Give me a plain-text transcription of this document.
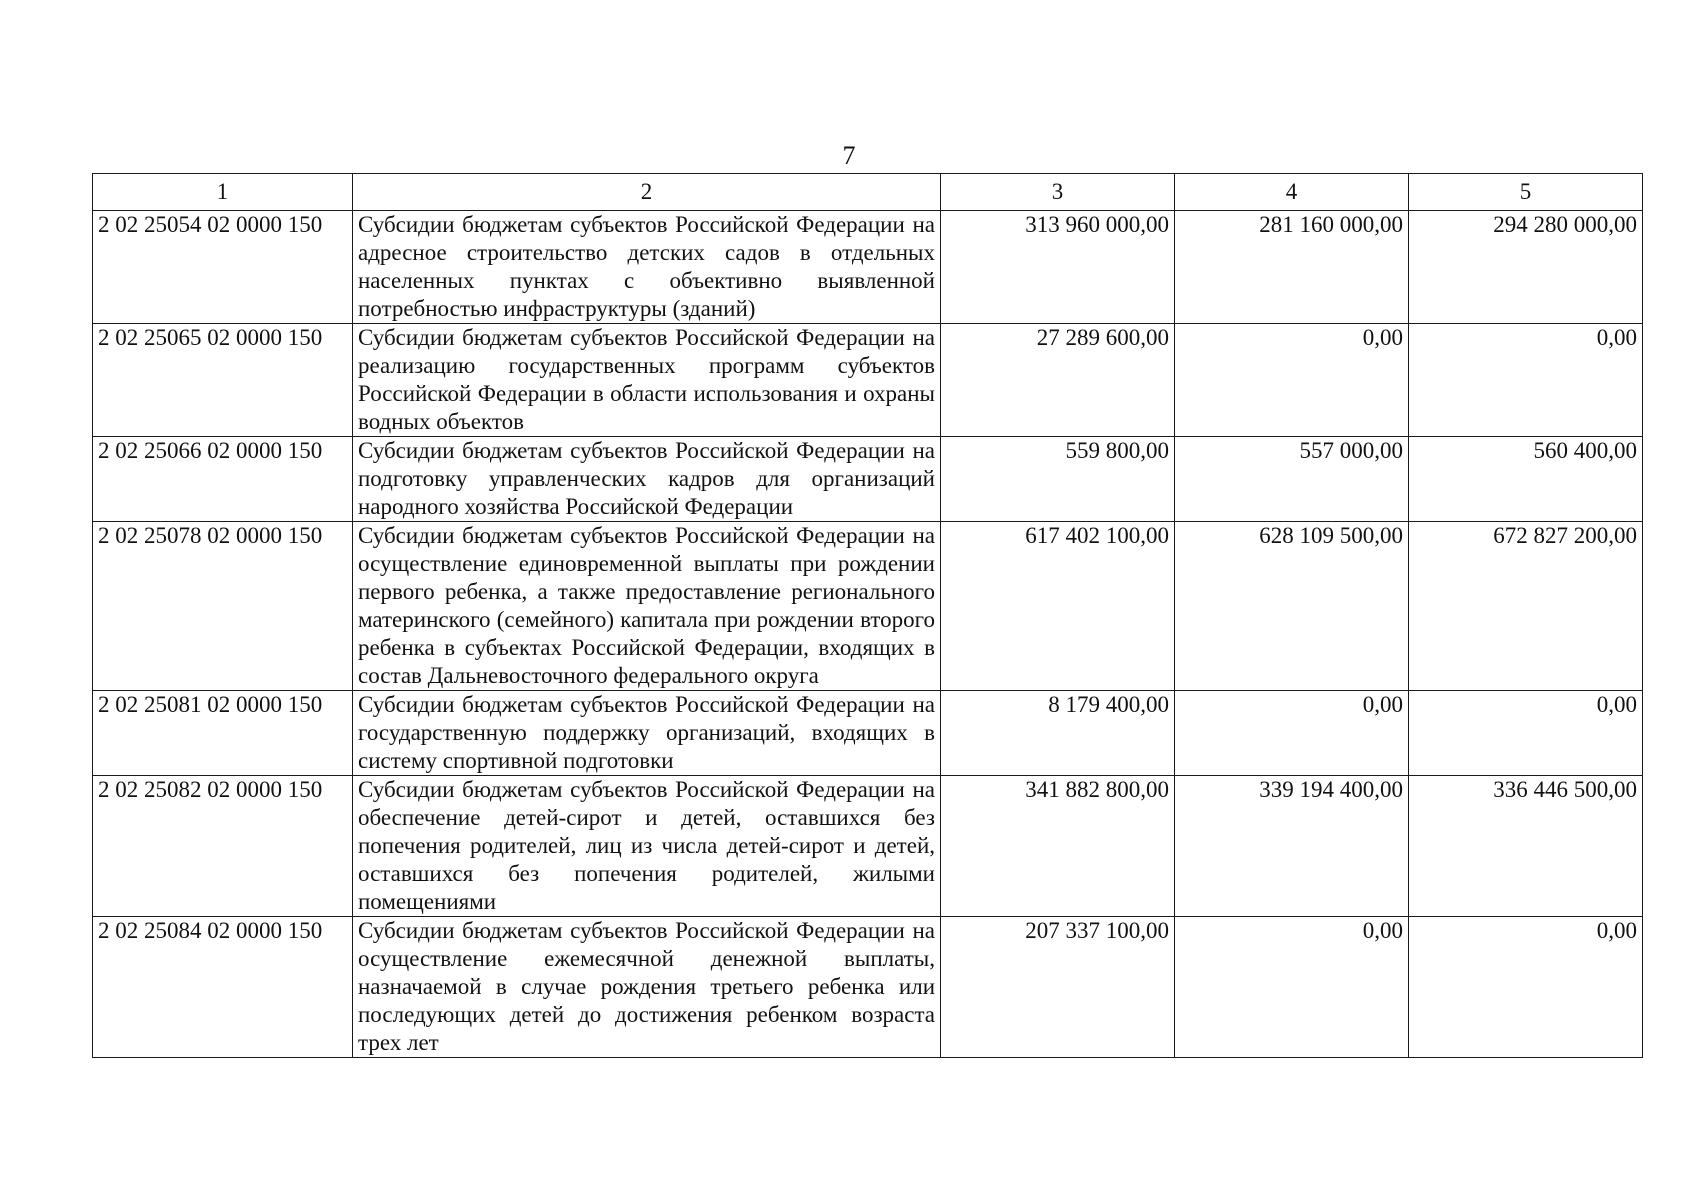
7
1	2	3	4	5
2 02 25054 02 0000 150	Субсидии бюджетам субъектов Российской Федерации на адресное строительство детских садов в отдельных населенных пунктах с объективно выявленной потребностью инфраструктуры (зданий)	313 960 000,00	281 160 000,00	294 280 000,00
2 02 25065 02 0000 150	Субсидии бюджетам субъектов Российской Федерации на реализацию государственных программ субъектов Российской Федерации в области использования и охраны водных объектов	27 289 600,00	0,00	0,00
2 02 25066 02 0000 150	Субсидии бюджетам субъектов Российской Федерации на подготовку управленческих кадров для организаций народного хозяйства Российской Федерации	559 800,00	557 000,00	560 400,00
2 02 25078 02 0000 150	Субсидии бюджетам субъектов Российской Федерации на осуществление единовременной выплаты при рождении первого ребенка, а также предоставление регионального материнского (семейного) капитала при рождении второго ребенка в субъектах Российской Федерации, входящих в состав Дальневосточного федерального округа	617 402 100,00	628 109 500,00	672 827 200,00
2 02 25081 02 0000 150	Субсидии бюджетам субъектов Российской Федерации на государственную поддержку организаций, входящих в систему спортивной подготовки	8 179 400,00	0,00	0,00
2 02 25082 02 0000 150	Субсидии бюджетам субъектов Российской Федерации на обеспечение детей-сирот и детей, оставшихся без попечения родителей, лиц из числа детей-сирот и детей, оставшихся без попечения родителей, жилыми помещениями	341 882 800,00	339 194 400,00	336 446 500,00
2 02 25084 02 0000 150	Субсидии бюджетам субъектов Российской Федерации на осуществление ежемесячной денежной выплаты, назначаемой в случае рождения третьего ребенка или последующих детей до достижения ребенком возраста трех лет	207 337 100,00	0,00	0,00
